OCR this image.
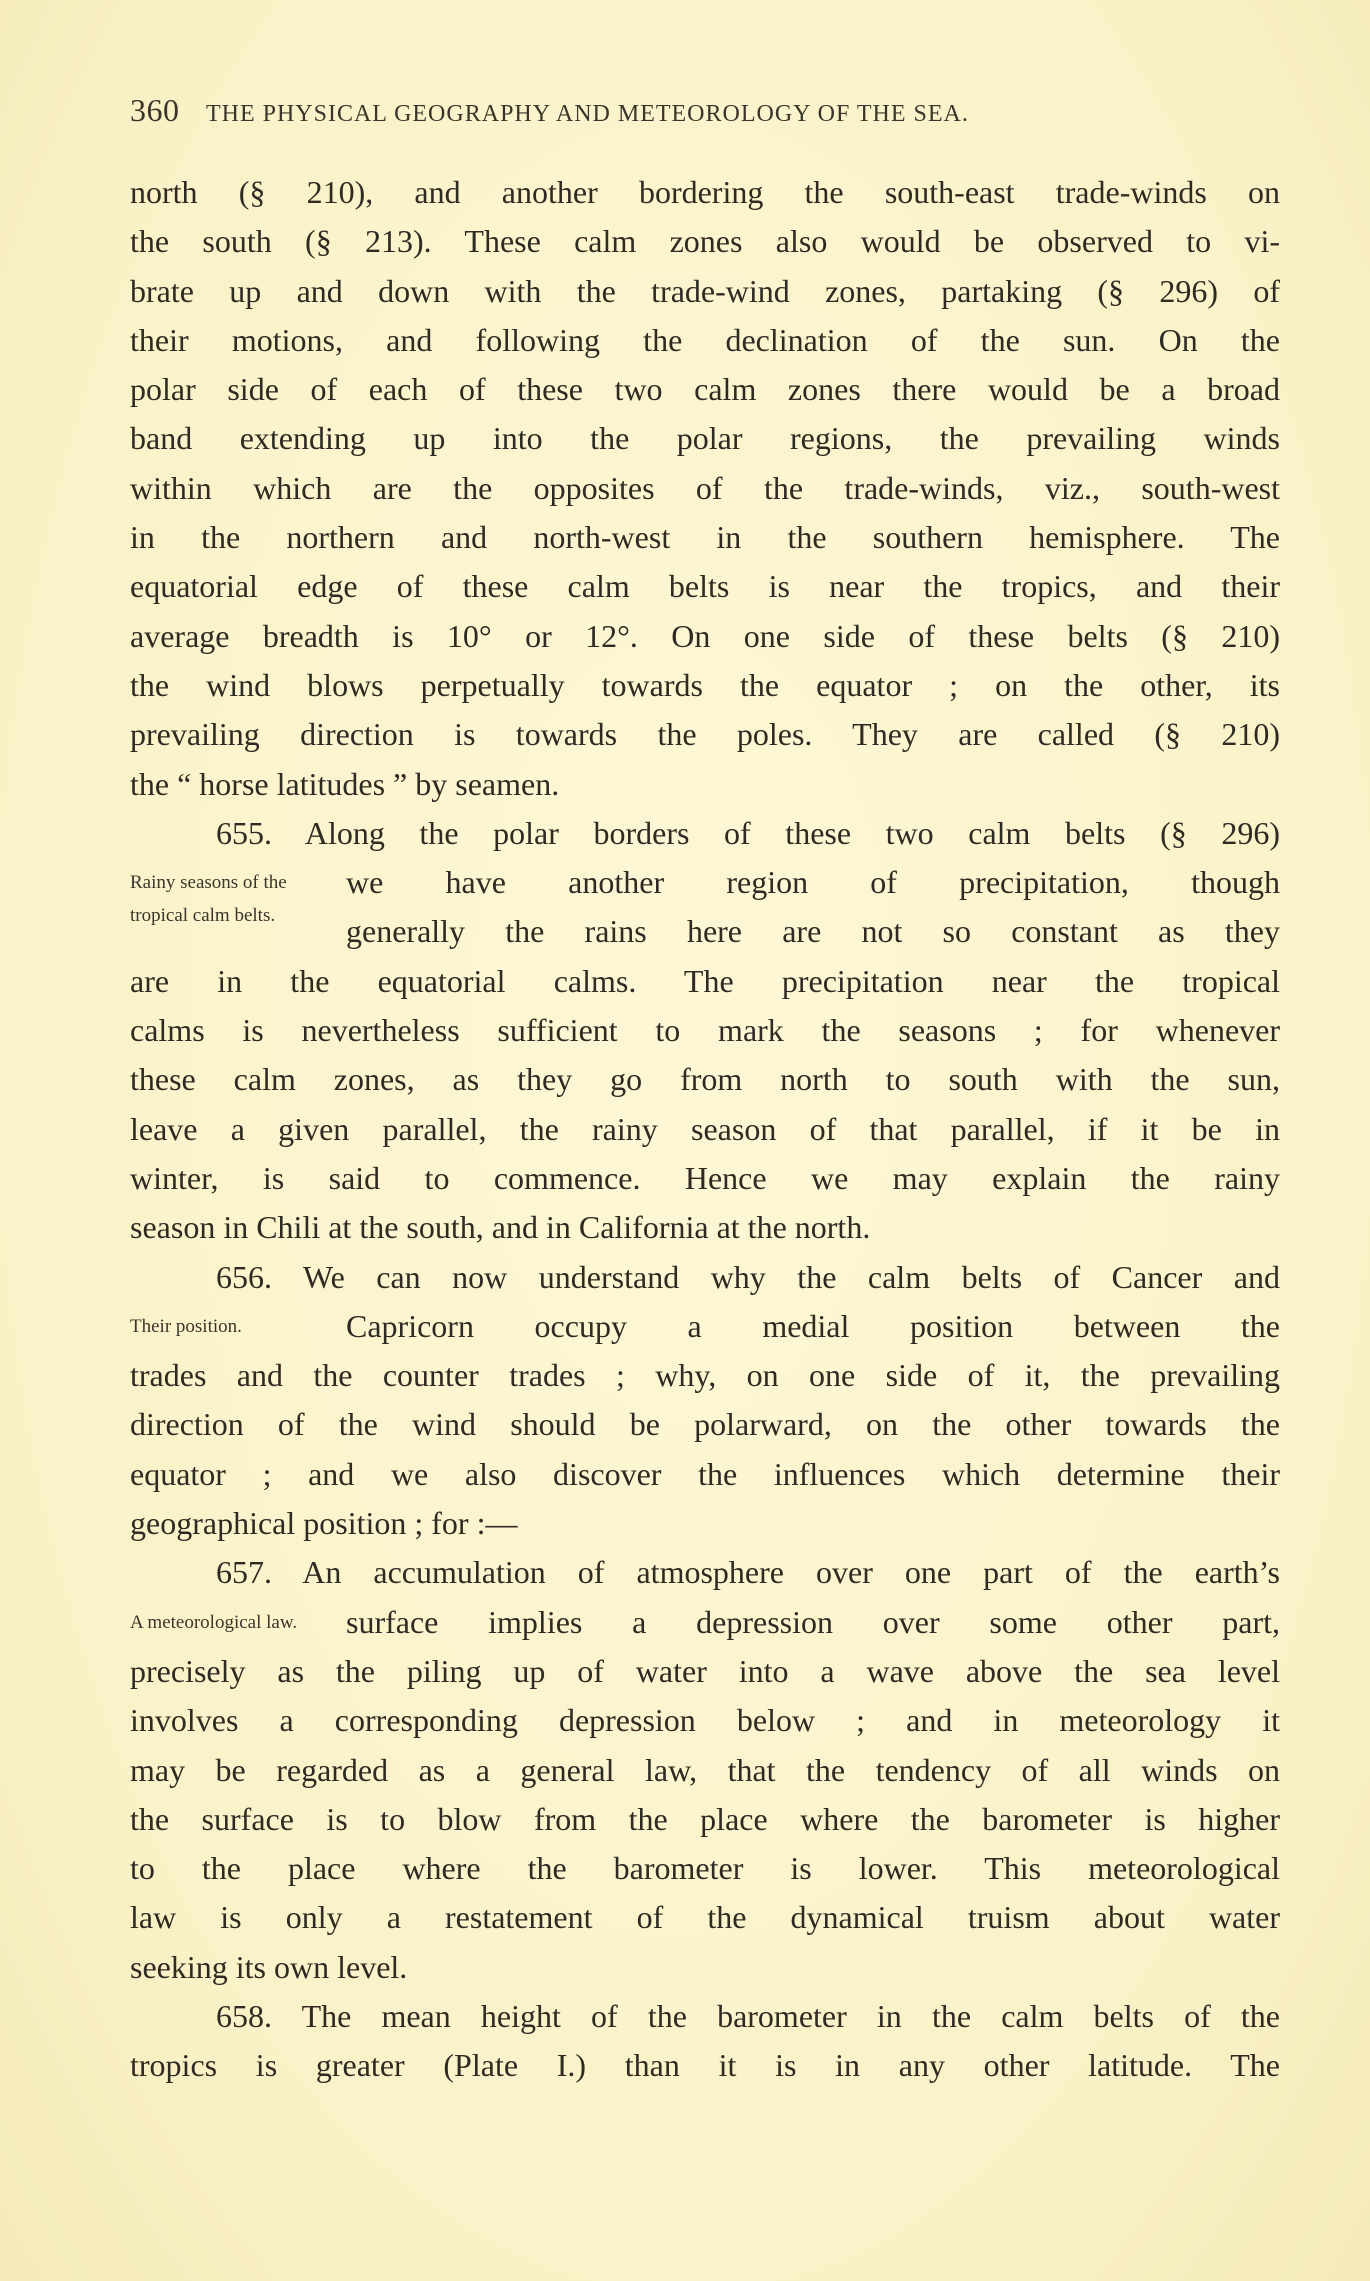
360 THE PHYSICAL GEOGRAPHY AND METEOROLOGY OF THE SEA.
north (§ 210), and another bordering the south-east trade-winds on
the south (§ 213). These calm zones also would be observed to vi-
brate up and down with the trade-wind zones, partaking (§ 296) of
their motions, and following the declination of the sun. On the
polar side of each of these two calm zones there would be a broad
band extending up into the polar regions, the prevailing winds
within which are the opposites of the trade-winds, viz., south-west
in the northern and north-west in the southern hemisphere. The
equatorial edge of these calm belts is near the tropics, and their
average breadth is 10° or 12°. On one side of these belts (§ 210)
the wind blows perpetually towards the equator ; on the other, its
prevailing direction is towards the poles. They are called (§ 210)
the “ horse latitudes ” by seamen.
655. Along the polar borders of these two calm belts (§ 296)
Rainy seasons of the we have another region of precipitation, though
tropical calm belts. generally the rains here are not so constant as they
are in the equatorial calms. The precipitation near the tropical
calms is nevertheless sufficient to mark the seasons ; for whenever
these calm zones, as they go from north to south with the sun,
leave a given parallel, the rainy season of that parallel, if it be in
winter, is said to commence. Hence we may explain the rainy
season in Chili at the south, and in California at the north.
656. We can now understand why the calm belts of Cancer and
Their position.	Capricorn occupy a medial position between the
trades and the counter trades ; why, on one side of it, the prevailing
direction of the wind should be polarward, on the other towards the
equator ; and we also discover the influences which determine their
geographical position ; for :—
657. An accumulation of atmosphere over one part of the earth’s
A meteorological law. surface implies a depression over some other part,
precisely as the piling up of water into a wave above the sea level
involves a corresponding depression below ; and in meteorology it
may be regarded as a general law, that the tendency of all winds on
the surface is to blow from the place where the barometer is higher
to the place where the barometer is lower. This meteorological
law is only a restatement of the dynamical truism about water
seeking its own level.
658. The mean height of the barometer in the calm belts of the
tropics is greater (Plate I.) than it is in any other latitude. The
